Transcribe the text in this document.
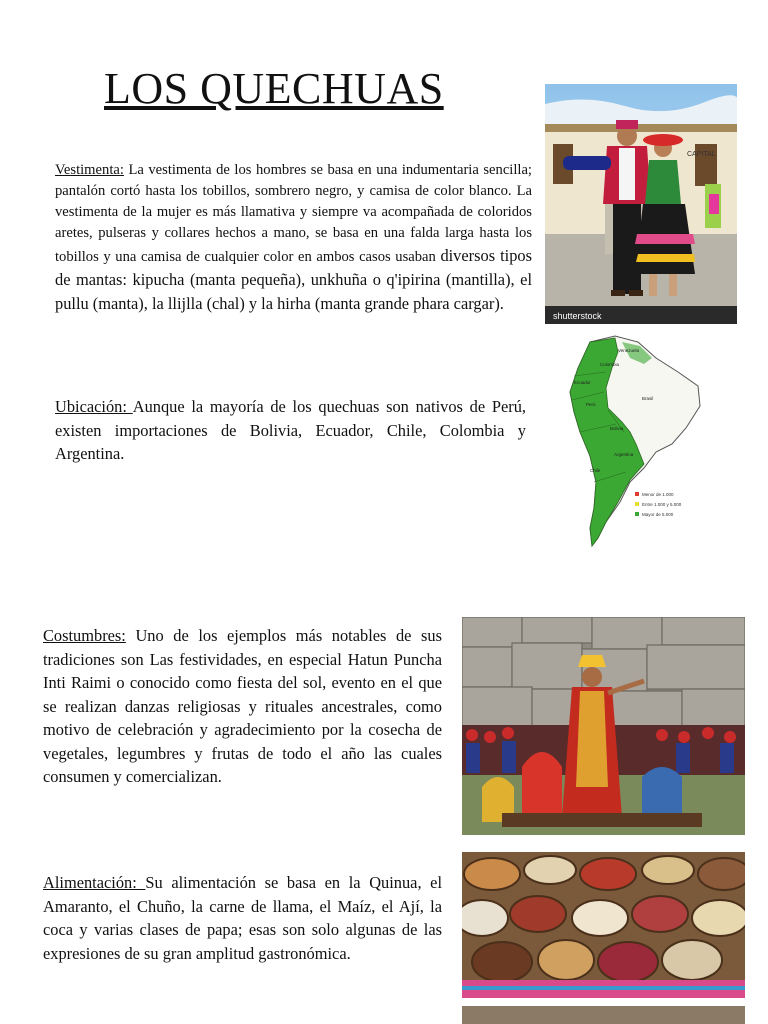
LOS QUECHUAS

Vestimenta: La vestimenta de los hombres se basa en una indumentaria sencilla; pantalón cortó hasta los tobillos, sombrero negro, y camisa de color blanco. La vestimenta de la mujer es más llamativa y siempre va acompañada de coloridos aretes, pulseras y collares hechos a mano, se basa en una falda larga hasta los tobillos y una camisa de cualquier color en ambos casos usaban diversos tipos de mantas: kipucha (manta pequeña), unkhuña o q'ipirina (mantilla), el pullu (manta), la llijlla (chal) y la hirha (manta grande phara cargar).

Ubicación: Aunque la mayoría de los quechuas son nativos de Perú, existen importaciones de Bolivia, Ecuador, Chile, Colombia y Argentina.

Costumbres: Uno de los ejemplos más notables de sus tradiciones son Las festividades, en especial Hatun Puncha Inti Raimi o conocido como fiesta del sol, evento en el que se realizan danzas religiosas y rituales ancestrales, como motivo de celebración y agradecimiento por la cosecha de vegetales, legumbres y frutas de todo el año las cuales consumen y comercializan.

Alimentación: Su alimentación se basa en la Quinua, el Amaranto, el Chuño, la carne de llama, el Maíz, el Ají, la coca y varias clases de papa; esas son solo algunas de las expresiones de su gran amplitud gastronómica.

CAPITAL
shutterstock
Colombia
Ecuador
Perú
Bolivia
Chile
Argentina
Brasil
Venezuela
Menor de 1.000
Entre 1.000 y 5.000
Mayor de 5.000
